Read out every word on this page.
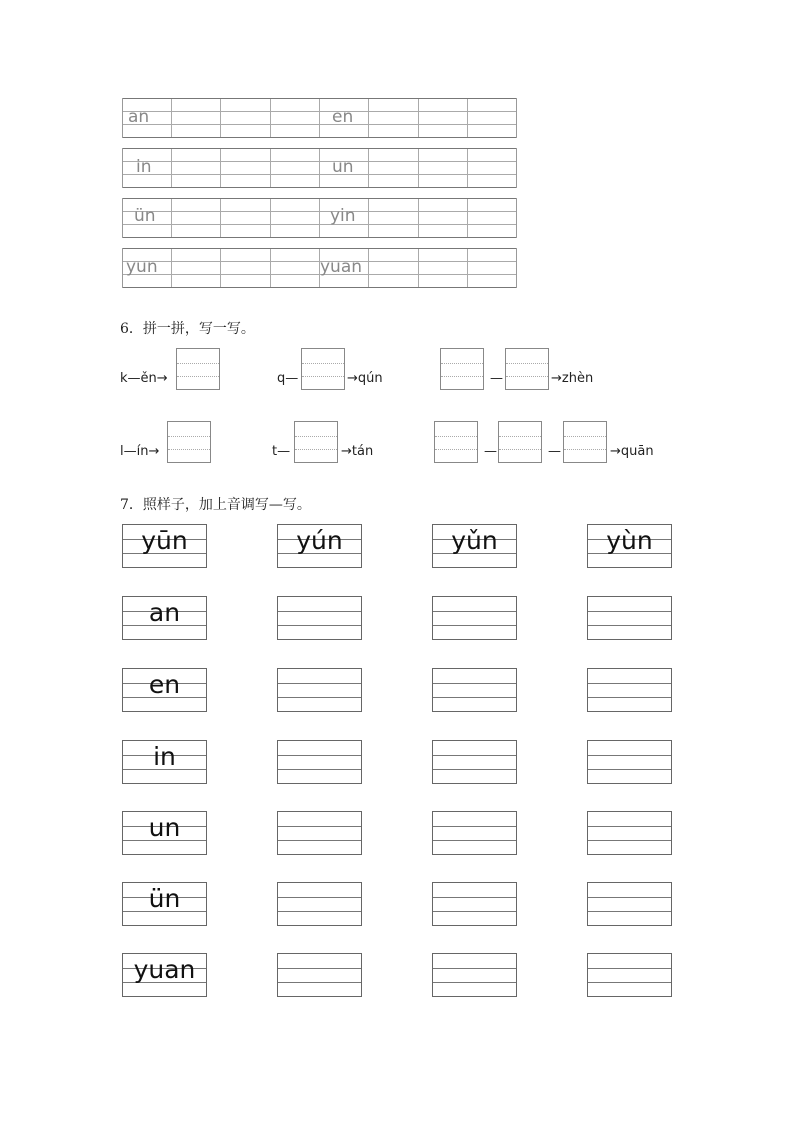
an	en
in	un
ün	yin
yun	yuan
6．拼一拼，写一写。
k—ěn→	q—	→qún	—	→zhèn
l—ín→	t—	→tán	—	—	→quān
7．照样子，加上音调写—写。
yūn	yún	yǔn	yùn
an
en
in
un
ün
yuan
